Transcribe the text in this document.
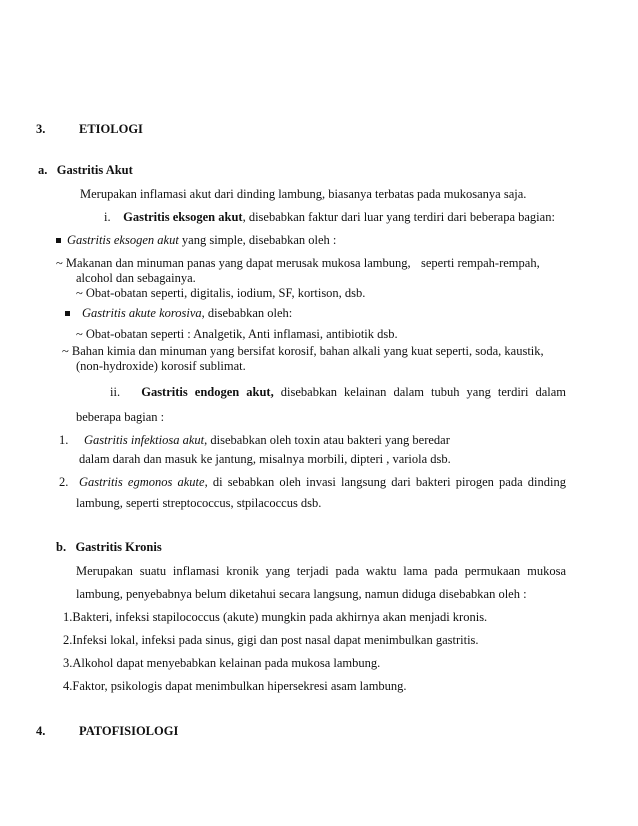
3.	ETIOLOGI
a. Gastritis Akut
Merupakan inflamasi akut dari dinding lambung, biasanya terbatas pada mukosanya saja.
i. Gastritis eksogen akut, disebabkan faktur dari luar yang terdiri dari beberapa bagian:
Gastritis eksogen akut yang simple, disebabkan oleh :
~ Makanan dan minuman panas yang dapat merusak mukosa lambung, seperti rempah-rempah,
alcohol dan sebagainya.
~ Obat-obatan seperti, digitalis, iodium, SF, kortison, dsb.
Gastritis akute korosiva, disebabkan oleh:
~ Obat-obatan seperti : Analgetik, Anti inflamasi, antibiotik dsb.
~ Bahan kimia dan minuman yang bersifat korosif, bahan alkali yang kuat seperti, soda, kaustik,
(non-hydroxide) korosif sublimat.
ii. Gastritis endogen akut, disebabkan kelainan dalam tubuh yang terdiri dalam
beberapa bagian :
1. Gastritis infektiosa akut, disebabkan oleh toxin atau bakteri yang beredar
dalam darah dan masuk ke jantung, misalnya morbili, dipteri , variola dsb.
2. Gastritis egmonos akute, di sebabkan oleh invasi langsung dari bakteri pirogen pada dinding
lambung, seperti streptococcus, stpilacoccus dsb.
b. Gastritis Kronis
Merupakan suatu inflamasi kronik yang terjadi pada waktu lama pada permukaan mukosa
lambung, penyebabnya belum diketahui secara langsung, namun diduga disebabkan oleh :
1.Bakteri, infeksi stapilococcus (akute) mungkin pada akhirnya akan menjadi kronis.
2.Infeksi lokal, infeksi pada sinus, gigi dan post nasal dapat menimbulkan gastritis.
3.Alkohol dapat menyebabkan kelainan pada mukosa lambung.
4.Faktor, psikologis dapat menimbulkan hipersekresi asam lambung.
4.	PATOFISIOLOGI
